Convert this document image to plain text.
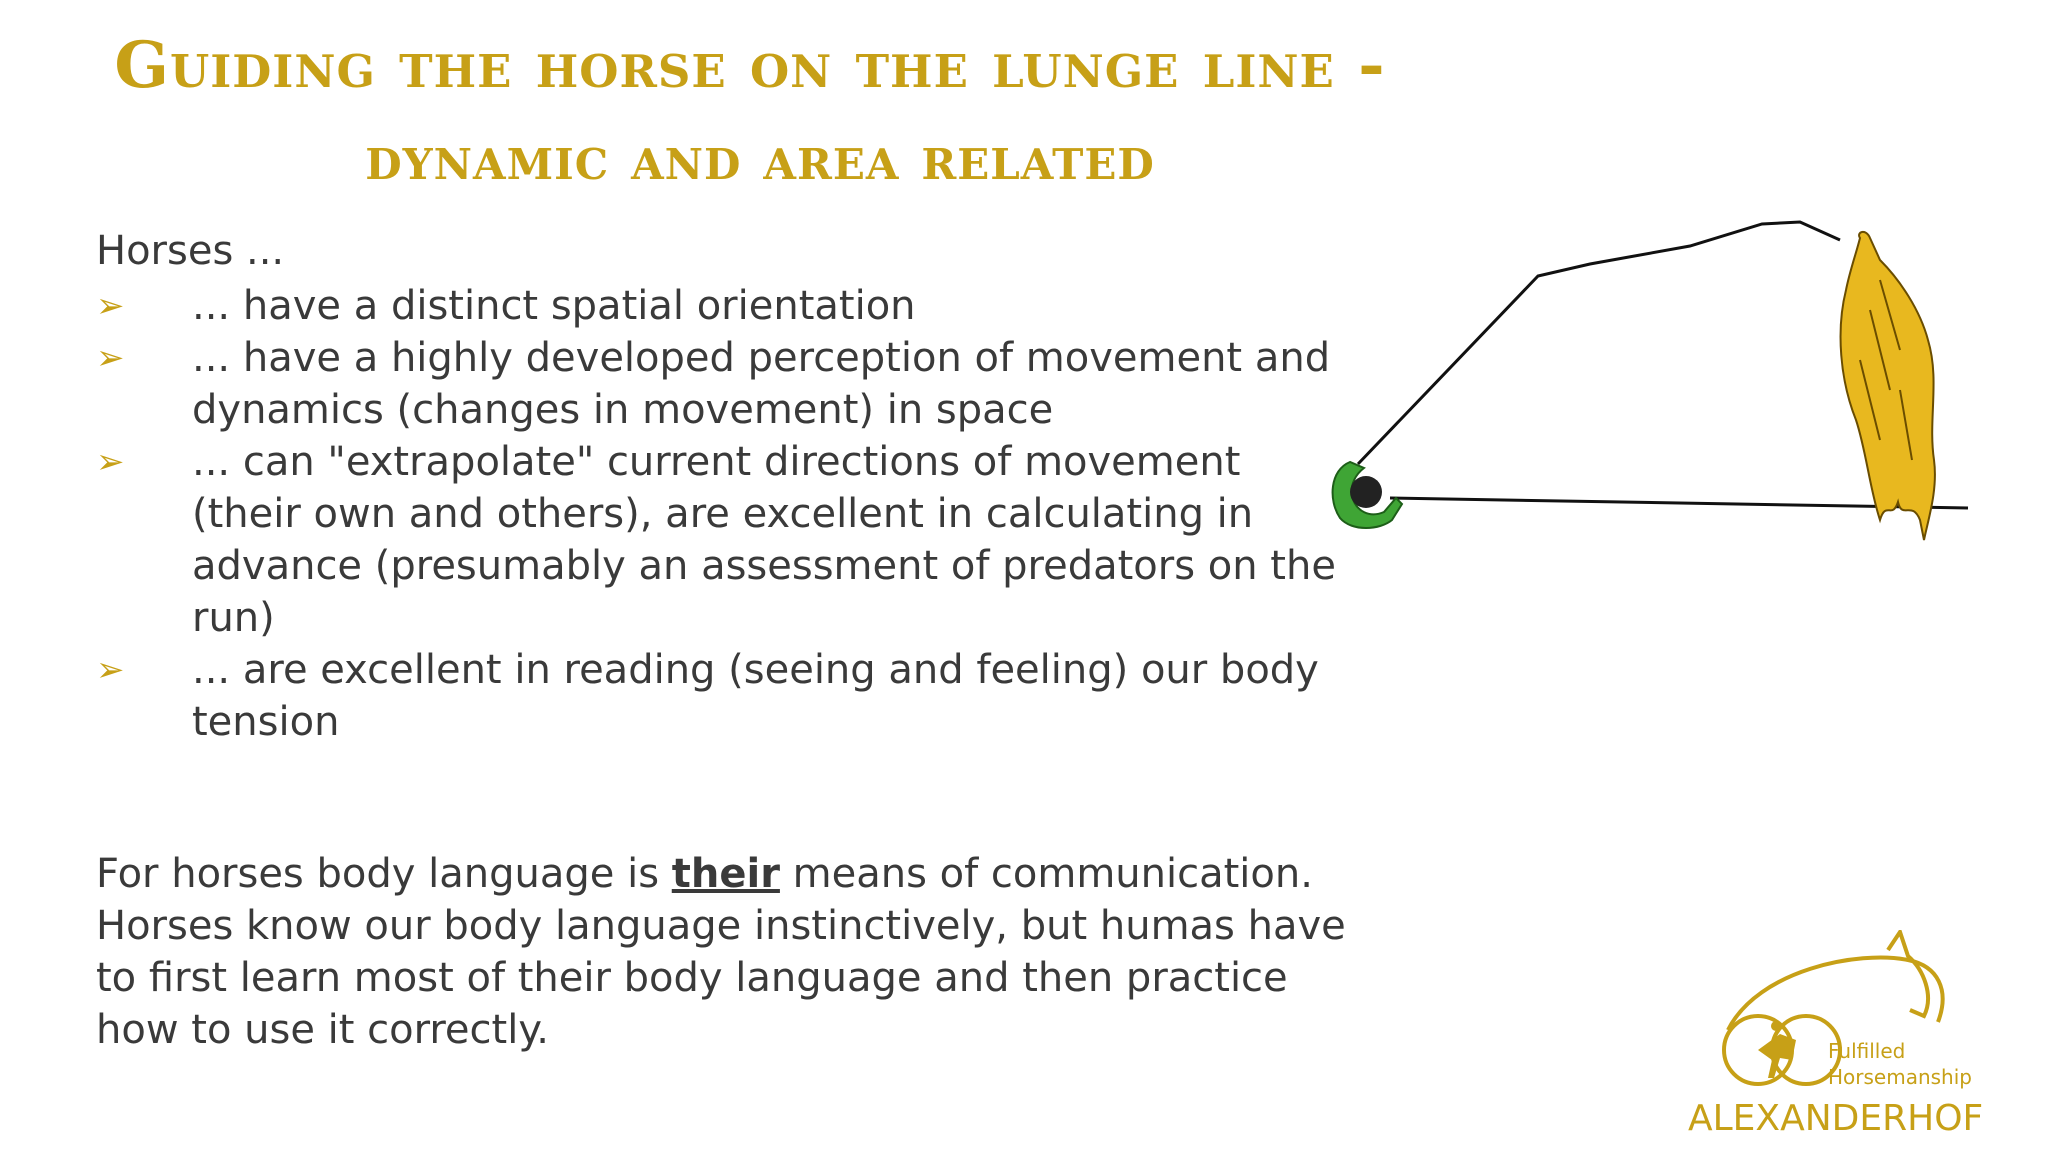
Guiding the horse on the lunge line -
dynamic and area related
Horses ...
➢ ... have a distinct spatial orientation
➢ ... have a highly developed perception of movement and dynamics (changes in movement) in space
➢ ... can "extrapolate" current directions of movement (their own and others), are excellent in calculating in advance (presumably an assessment of predators on the run)
➢ ... are excellent in reading (seeing and feeling) our body tension

For horses body language is their means of communication. Horses know our body language instinctively, but humas have to first learn most of their body language and then practice how to use it correctly.	Fulfilled
Horsemanship
ALEXANDERHOF
